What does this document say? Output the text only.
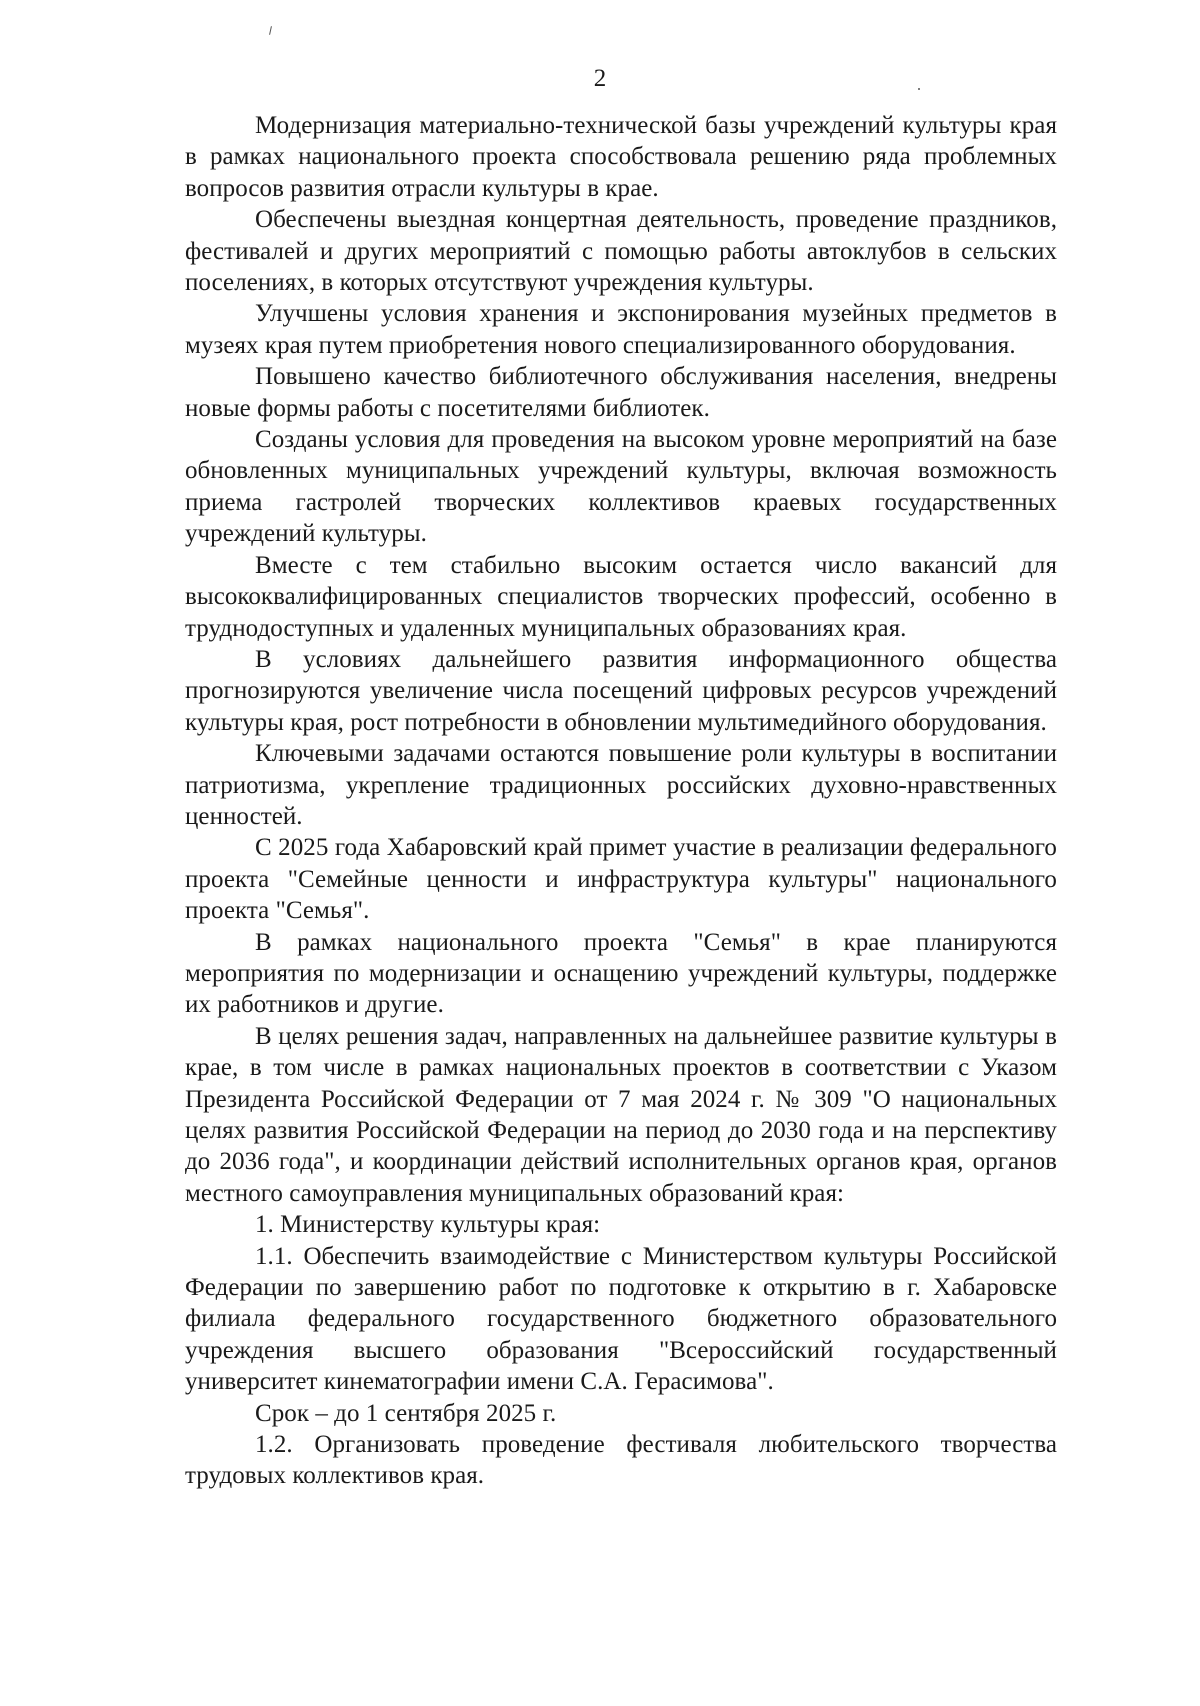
2

Модернизация материально-технической базы учреждений культуры края в рамках национального проекта способствовала решению ряда проблемных вопросов развития отрасли культуры в крае.

Обеспечены выездная концертная деятельность, проведение праздников, фестивалей и других мероприятий с помощью работы автоклубов в сельских поселениях, в которых отсутствуют учреждения культуры.

Улучшены условия хранения и экспонирования музейных предметов в музеях края путем приобретения нового специализированного оборудования.

Повышено качество библиотечного обслуживания населения, внедрены новые формы работы с посетителями библиотек.

Созданы условия для проведения на высоком уровне мероприятий на базе обновленных муниципальных учреждений культуры, включая возможность приема гастролей творческих коллективов краевых государственных учреждений культуры.

Вместе с тем стабильно высоким остается число вакансий для высококвалифицированных специалистов творческих профессий, особенно в труднодоступных и удаленных муниципальных образованиях края.

В условиях дальнейшего развития информационного общества прогнозируются увеличение числа посещений цифровых ресурсов учреждений культуры края, рост потребности в обновлении мультимедийного оборудования.

Ключевыми задачами остаются повышение роли культуры в воспитании патриотизма, укрепление традиционных российских духовно-нравственных ценностей.

С 2025 года Хабаровский край примет участие в реализации федерального проекта "Семейные ценности и инфраструктура культуры" национального проекта "Семья".

В рамках национального проекта "Семья" в крае планируются мероприятия по модернизации и оснащению учреждений культуры, поддержке их работников и другие.

В целях решения задач, направленных на дальнейшее развитие культуры в крае, в том числе в рамках национальных проектов в соответствии с Указом Президента Российской Федерации от 7 мая 2024 г. № 309 "О национальных целях развития Российской Федерации на период до 2030 года и на перспективу до 2036 года", и координации действий исполнительных органов края, органов местного самоуправления муниципальных образований края:

1. Министерству культуры края:

1.1. Обеспечить взаимодействие с Министерством культуры Российской Федерации по завершению работ по подготовке к открытию в г. Хабаровске филиала федерального государственного бюджетного образовательного учреждения высшего образования "Всероссийский государственный университет кинематографии имени С.А. Герасимова".

Срок – до 1 сентября 2025 г.

1.2. Организовать проведение фестиваля любительского творчества трудовых коллективов края.
